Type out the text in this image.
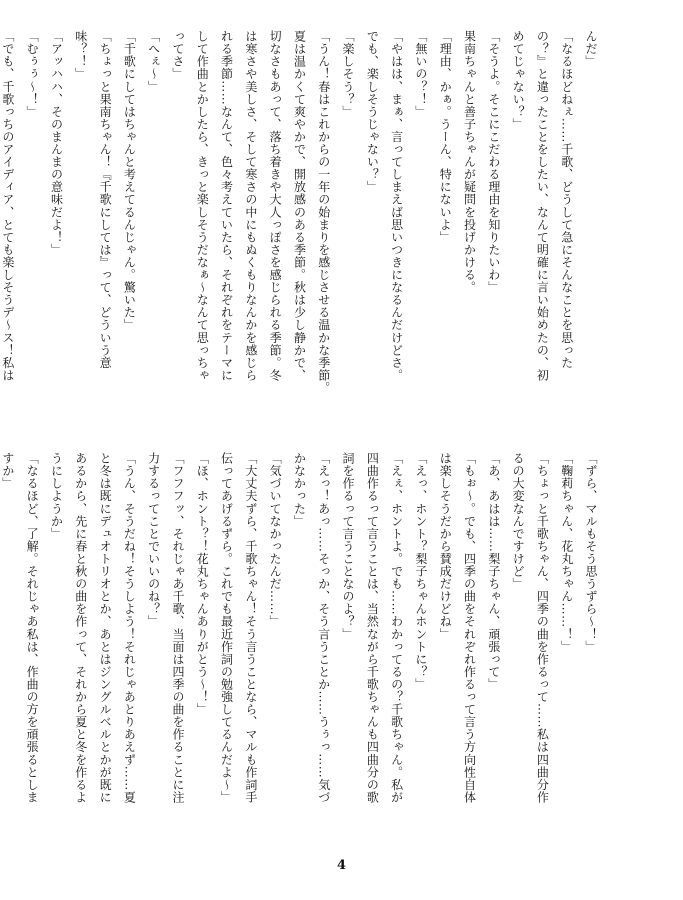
んだ」
「なるほどねぇ……千歌、どうして急にそんなことを思った
の？』と違ったことをしたい、なんて明確に言い始めたの、初
めてじゃない？」
「そうよ。そこにこだわる理由を知りたいわ」
果南ちゃんと善子ちゃんが疑問を投げかける。
「理由、かぁ。うーん、特にないよ」
「無いの？！」
「やはは、まぁ、言ってしまえば思いつきになるんだけどさ。
でも、楽しそうじゃない？」
「楽しそう？」
「うん！春はこれからの一年の始まりを感じさせる温かな季節。
夏は温かくて爽やかで、開放感のある季節。秋は少し静かで、
切なさもあって、落ち着きや大人っぽさを感じられる季節。冬
は寒さや美しさ、そして寒さの中にもぬくもりなんかを感じら
れる季節……なんて、色々考えていたら、それぞれをテーマに
して作曲とかしたら、きっと楽しそうだなぁ〜なんて思っちゃ
ってさ」
「へぇ〜」
「千歌にしてはちゃんと考えてるんじゃん。驚いた」
「ちょっと果南ちゃん！『千歌にしては』って、どういう意
味？！」
「アッハハ、そのまんまの意味だよ！」
「むぅぅ〜！」
「でも、千歌っちのアイディア、とても楽しそうデ〜ス！私は
「ずら、マルもそう思うずら〜！」
「鞠莉ちゃん、花丸ちゃん……！」
「ちょっと千歌ちゃん、四季の曲を作るって……私は四曲分作
るの大変なんですけど」
「あ、あはは……梨子ちゃん、頑張って」
「もぉ〜。でも、四季の曲をそれぞれ作るって言う方向性自体
は楽しそうだから賛成だけどね」
「えっ、ホント？梨子ちゃんホントに？」
「えぇ、ホントよ。でも……わかってるの？千歌ちゃん。私が
四曲作るって言うことは、当然ながら千歌ちゃんも四曲分の歌
詞を作るって言うことなのよ？」
「えっ！あっ……そっか、そう言うことか……うぅっ……気づ
かなかった」
「気づいてなかったんだ……」
「大丈夫ずら、千歌ちゃん！そう言うことなら、マルも作詞手
伝ってあげるずら。これでも最近作詞の勉強してるんだよ〜」
「ほ、ホント？！花丸ちゃんありがとう〜！」
「フフフッ、それじゃあ千歌、当面は四季の曲を作ることに注
力するってことでいいのね？」
「うん、そうだね！そうしよう！それじゃあとりあえず……夏
と冬は既にデュオトリオとか、あとはジングルベルとかが既に
あるから、先に春と秋の曲を作って、それから夏と冬を作るよ
うにしようか」
「なるほど、了解。それじゃあ私は、作曲の方を頑張るとしま
すか」
4
